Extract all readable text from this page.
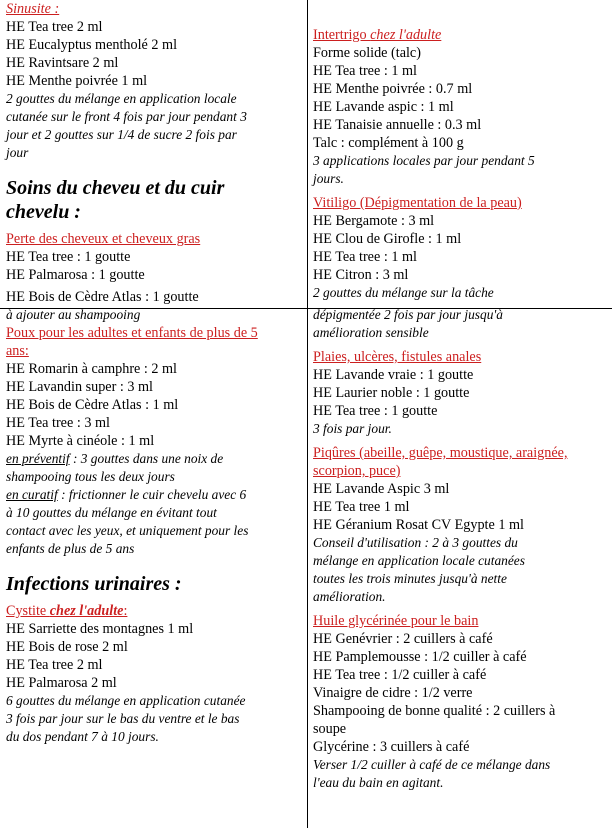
Sinusite :
HE Tea tree 2 ml
HE Eucalyptus mentholé 2 ml
HE Ravintsare 2 ml
HE Menthe poivrée 1 ml
2 gouttes du mélange en application locale
cutanée sur le front 4 fois par jour pendant 3
jour et 2 gouttes sur 1/4 de sucre 2 fois par
jour
Soins du cheveu et du cuir
chevelu :
Perte des cheveux et cheveux gras
HE Tea tree : 1 goutte
HE Palmarosa : 1 goutte
HE Bois de Cèdre Atlas : 1 goutte
à ajouter au shampooing
Poux pour les adultes et enfants de plus de 5
ans:
HE Romarin à camphre : 2 ml
HE Lavandin super : 3 ml
HE Bois de Cèdre Atlas : 1 ml
HE Tea tree : 3 ml
HE Myrte à cinéole : 1 ml
en préventif : 3 gouttes dans une noix de
shampooing tous les deux jours
en curatif : frictionner le cuir chevelu avec 6
à 10 gouttes du mélange en évitant tout
contact avec les yeux, et uniquement pour les
enfants de plus de 5 ans
Infections urinaires :
Cystite chez l'adulte:
HE Sarriette des montagnes 1 ml
HE Bois de rose 2 ml
HE Tea tree 2 ml
HE Palmarosa 2 ml
6 gouttes du mélange en application cutanée
3 fois par jour sur le bas du ventre et le bas
du dos pendant 7 à 10 jours.
Intertrigo chez l'adulte
Forme solide (talc)
HE Tea tree : 1 ml
HE Menthe poivrée : 0.7 ml
HE Lavande aspic : 1 ml
HE Tanaisie annuelle : 0.3 ml
Talc : complément à 100 g
3 applications locales par jour pendant 5
jours.
Vitiligo (Dépigmentation de la peau)
HE Bergamote : 3 ml
HE Clou de Girofle : 1 ml
HE Tea tree : 1 ml
HE Citron : 3 ml
2 gouttes du mélange sur la tâche
dépigmentée 2 fois par jour jusqu'à
amélioration sensible
Plaies, ulcères, fistules anales
HE Lavande vraie : 1 goutte
HE Laurier noble : 1 goutte
HE Tea tree : 1 goutte
3 fois par jour.
Piqûres (abeille, guêpe, moustique, araignée,
scorpion, puce)
HE Lavande Aspic 3 ml
HE Tea tree 1 ml
HE Géranium Rosat CV Egypte 1 ml
Conseil d'utilisation : 2 à 3 gouttes du
mélange en application locale cutanées
toutes les trois minutes jusqu'à nette
amélioration.
Huile glycérinée pour le bain
HE Genévrier : 2 cuillers à café
HE Pamplemousse : 1/2 cuiller à café
HE Tea tree : 1/2 cuiller à café
Vinaigre de cidre : 1/2 verre
Shampooing de bonne qualité : 2 cuillers à
soupe
Glycérine : 3 cuillers à café
Verser 1/2 cuiller à café de ce mélange dans
l'eau du bain en agitant.
